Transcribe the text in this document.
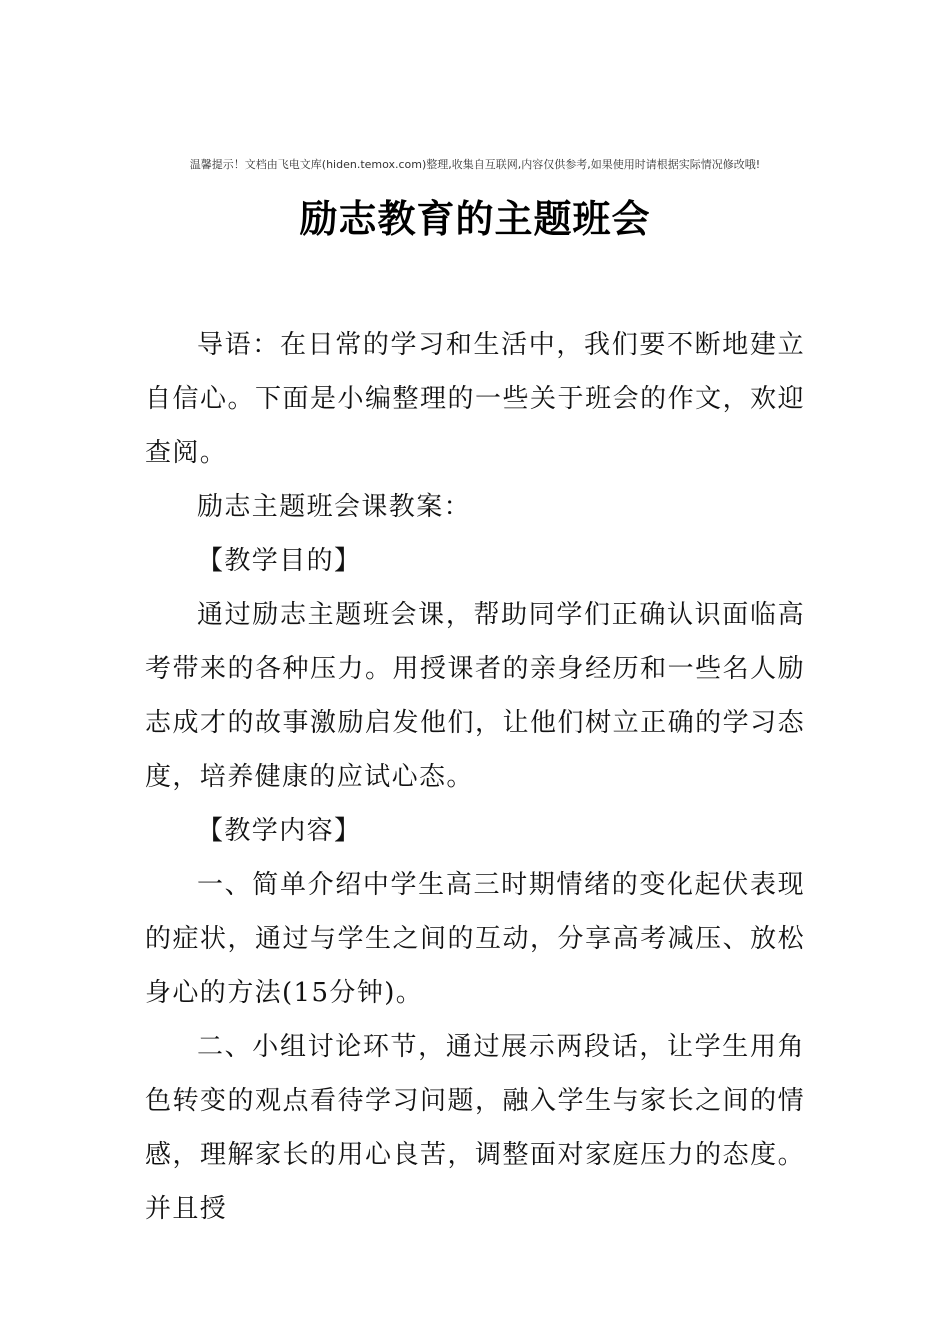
温馨提示！文档由飞电文库(hiden.temox.com)整理,收集自互联网,内容仅供参考,如果使用时请根据实际情况修改哦!
励志教育的主题班会

导语：在日常的学习和生活中，我们要不断地建立自信心。下面是小编整理的一些关于班会的作文，欢迎查阅。

励志主题班会课教案：

【教学目的】

通过励志主题班会课，帮助同学们正确认识面临高考带来的各种压力。用授课者的亲身经历和一些名人励志成才的故事激励启发他们，让他们树立正确的学习态度，培养健康的应试心态。

【教学内容】

一、简单介绍中学生高三时期情绪的变化起伏表现的症状，通过与学生之间的互动，分享高考减压、放松身心的方法(15分钟)。

二、小组讨论环节，通过展示两段话，让学生用角色转变的观点看待学习问题，融入学生与家长之间的情感，理解家长的用心良苦，调整面对家庭压力的态度。并且授
